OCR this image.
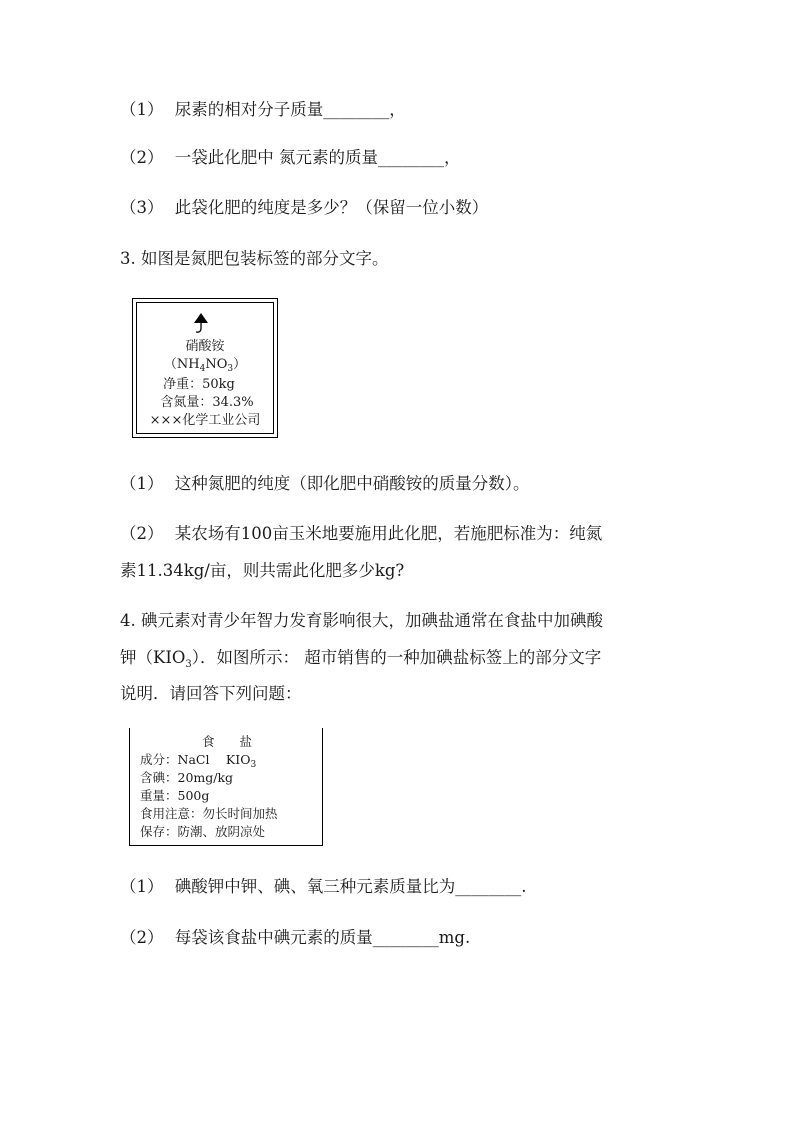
（1） 尿素的相对分子质量________，
（2） 一袋此化肥中 氮元素的质量________，
（3） 此袋化肥的纯度是多少？（保留一位小数）
3. 如图是氮肥包装标签的部分文字。
硝酸铵
$(NH_4NO_3)$
净重：50kg
含氮量：34.3%
×××化学工业公司
（1） 这种氮肥的纯度（即化肥中硝酸铵的质量分数）。
（2） 某农场有100亩玉米地要施用此化肥，若施肥标准为：纯氮
素11.34kg/亩，则共需此化肥多少kg?
4. 碘元素对青少年智力发育影响很大，加碘盐通常在食盐中加碘酸
钾$(KIO_3)$．如图所示： 超市销售的一种加碘盐标签上的部分文字
说明．请回答下列问题：
食　　盐
成分：NaCl　 $KIO_3$
含碘：20mg/kg
重量：500g
食用注意：勿长时间加热
保存：防潮、放阴凉处
（1） 碘酸钾中钾、碘、氧三种元素质量比为________.
（2） 每袋该食盐中碘元素的质量________mg.
